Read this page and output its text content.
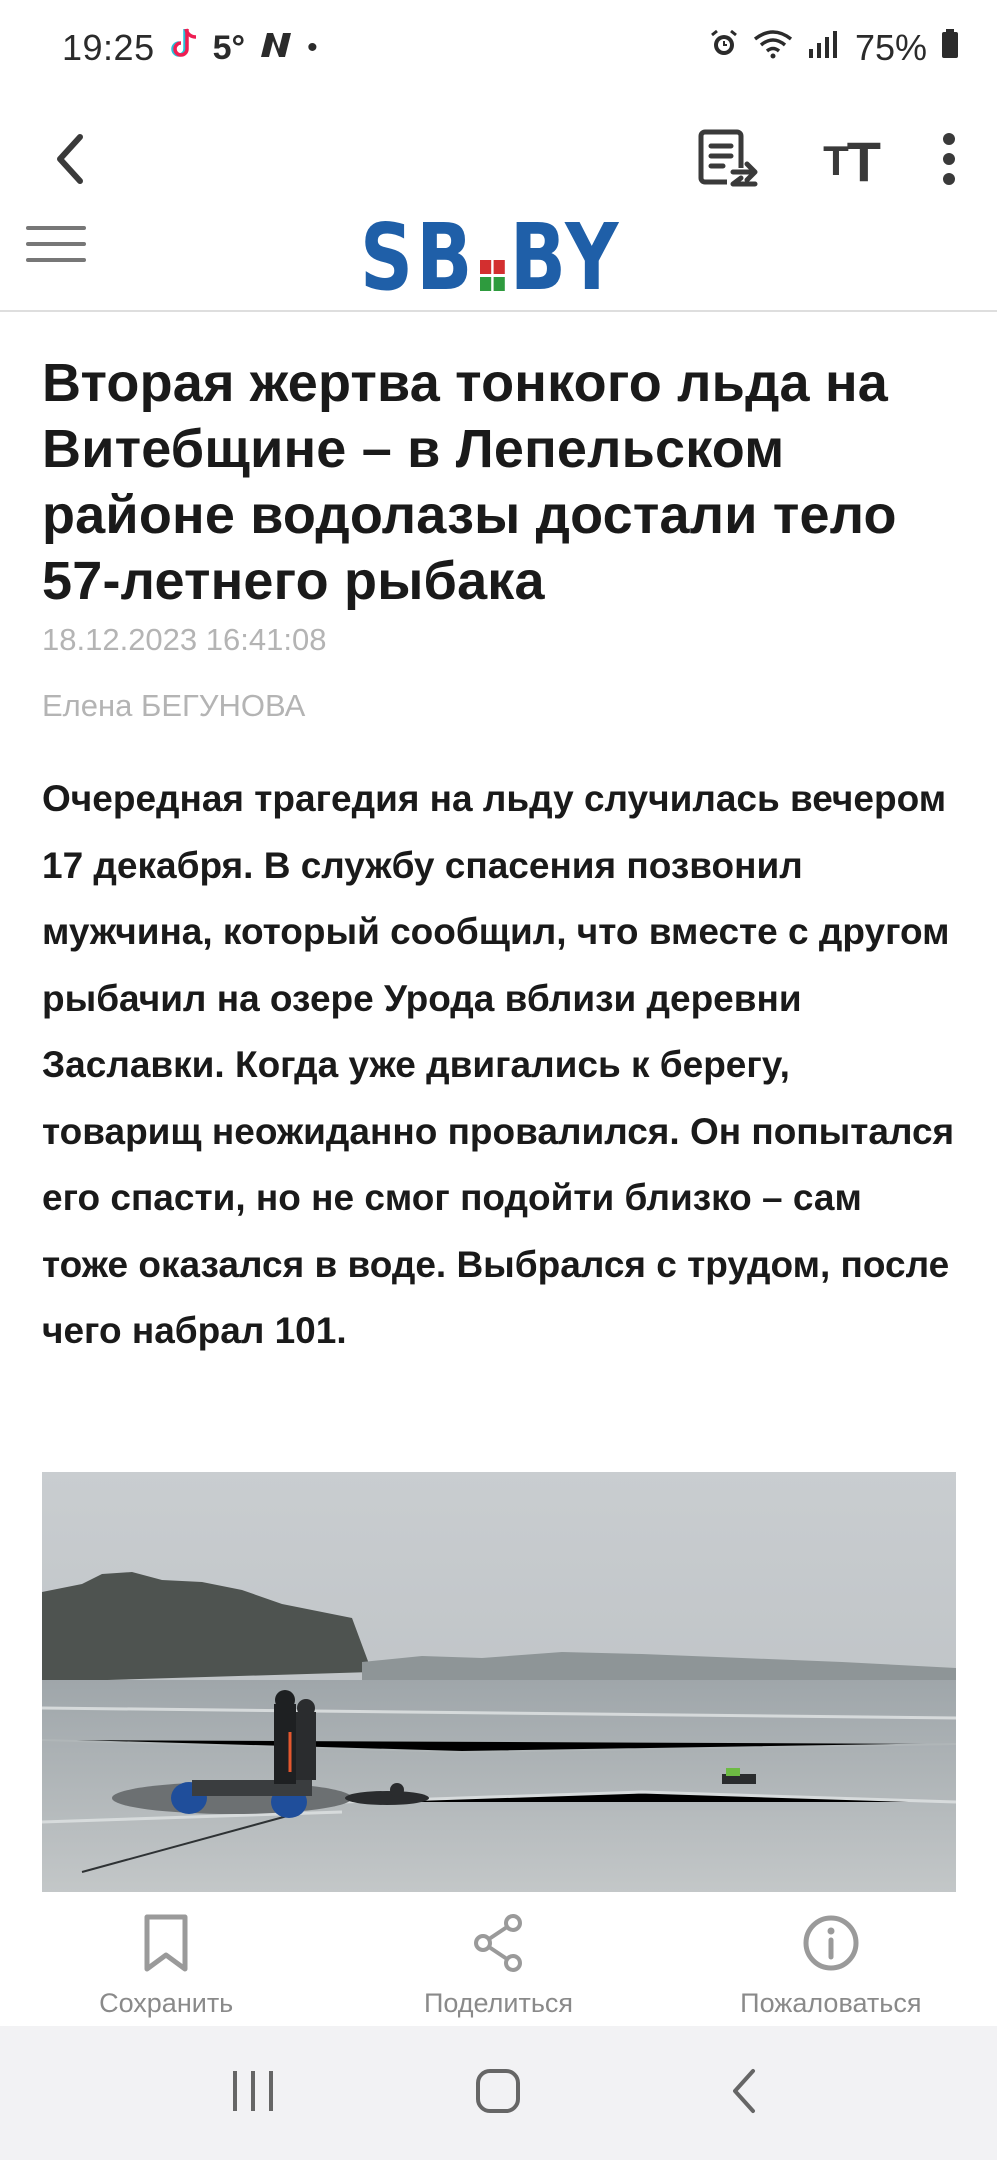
19:25 5° •	75%
T T
SB BY
Вторая жертва тонкого льда на Витебщине – в Лепельском районе водолазы достали тело 57-летнего рыбака
18.12.2023 16:41:08
Елена БЕГУНОВА

Очередная трагедия на льду случилась вечером 17 декабря. В службу спасения позвонил мужчина, который сообщил, что вместе с другом рыбачил на озере Урода вблизи деревни Заславки. Когда уже двигались к берегу, товарищ неожиданно провалился. Он попытался его спасти, но не смог подойти близко – сам тоже оказался в воде. Выбрался с трудом, после чего набрал 101.

Сохранить	Поделиться	Пожаловаться
